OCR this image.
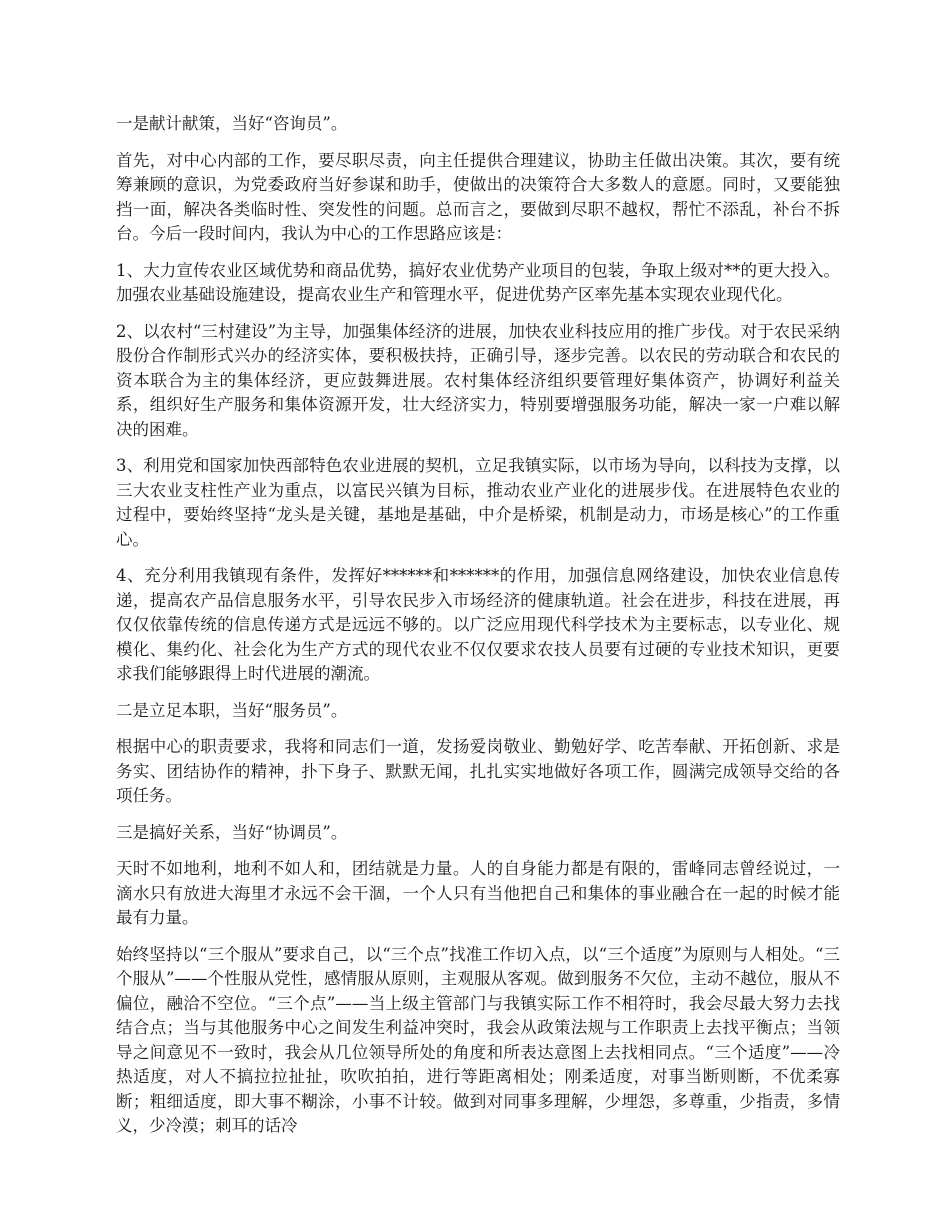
一是献计献策，当好“咨询员”。

首先，对中心内部的工作，要尽职尽责，向主任提供合理建议，协助主任做出决策。其次，要有统筹兼顾的意识，为党委政府当好参谋和助手，使做出的决策符合大多数人的意愿。同时，又要能独挡一面，解决各类临时性、突发性的问题。总而言之，要做到尽职不越权，帮忙不添乱，补台不拆台。今后一段时间内，我认为中心的工作思路应该是：

1、大力宣传农业区域优势和商品优势，搞好农业优势产业项目的包装，争取上级对**的更大投入。加强农业基础设施建设，提高农业生产和管理水平，促进优势产区率先基本实现农业现代化。

2、以农村“三村建设”为主导，加强集体经济的进展，加快农业科技应用的推广步伐。对于农民采纳股份合作制形式兴办的经济实体，要积极扶持，正确引导，逐步完善。以农民的劳动联合和农民的资本联合为主的集体经济，更应鼓舞进展。农村集体经济组织要管理好集体资产，协调好利益关系，组织好生产服务和集体资源开发，壮大经济实力，特别要增强服务功能，解决一家一户难以解决的困难。

3、利用党和国家加快西部特色农业进展的契机，立足我镇实际，以市场为导向，以科技为支撑，以三大农业支柱性产业为重点，以富民兴镇为目标，推动农业产业化的进展步伐。在进展特色农业的过程中，要始终坚持“龙头是关键，基地是基础，中介是桥梁，机制是动力，市场是核心”的工作重心。

4、充分利用我镇现有条件，发挥好******和******的作用，加强信息网络建设，加快农业信息传递，提高农产品信息服务水平，引导农民步入市场经济的健康轨道。社会在进步，科技在进展，再仅仅依靠传统的信息传递方式是远远不够的。以广泛应用现代科学技术为主要标志，以专业化、规模化、集约化、社会化为生产方式的现代农业不仅仅要求农技人员要有过硬的专业技术知识，更要求我们能够跟得上时代进展的潮流。

二是立足本职，当好“服务员”。

根据中心的职责要求，我将和同志们一道，发扬爱岗敬业、勤勉好学、吃苦奉献、开拓创新、求是务实、团结协作的精神，扑下身子、默默无闻，扎扎实实地做好各项工作，圆满完成领导交给的各项任务。

三是搞好关系，当好“协调员”。

天时不如地利，地利不如人和，团结就是力量。人的自身能力都是有限的，雷峰同志曾经说过，一滴水只有放进大海里才永远不会干涸，一个人只有当他把自己和集体的事业融合在一起的时候才能最有力量。

始终坚持以“三个服从”要求自己，以“三个点”找准工作切入点，以“三个适度”为原则与人相处。“三个服从”——个性服从党性，感情服从原则，主观服从客观。做到服务不欠位，主动不越位，服从不偏位，融洽不空位。“三个点”——当上级主管部门与我镇实际工作不相符时，我会尽最大努力去找结合点；当与其他服务中心之间发生利益冲突时，我会从政策法规与工作职责上去找平衡点；当领导之间意见不一致时，我会从几位领导所处的角度和所表达意图上去找相同点。“三个适度”——冷热适度，对人不搞拉拉扯扯，吹吹拍拍，进行等距离相处；刚柔适度，对事当断则断，不优柔寡断；粗细适度，即大事不糊涂，小事不计较。做到对同事多理解，少埋怨，多尊重，少指责，多情义，少冷漠；刺耳的话冷
